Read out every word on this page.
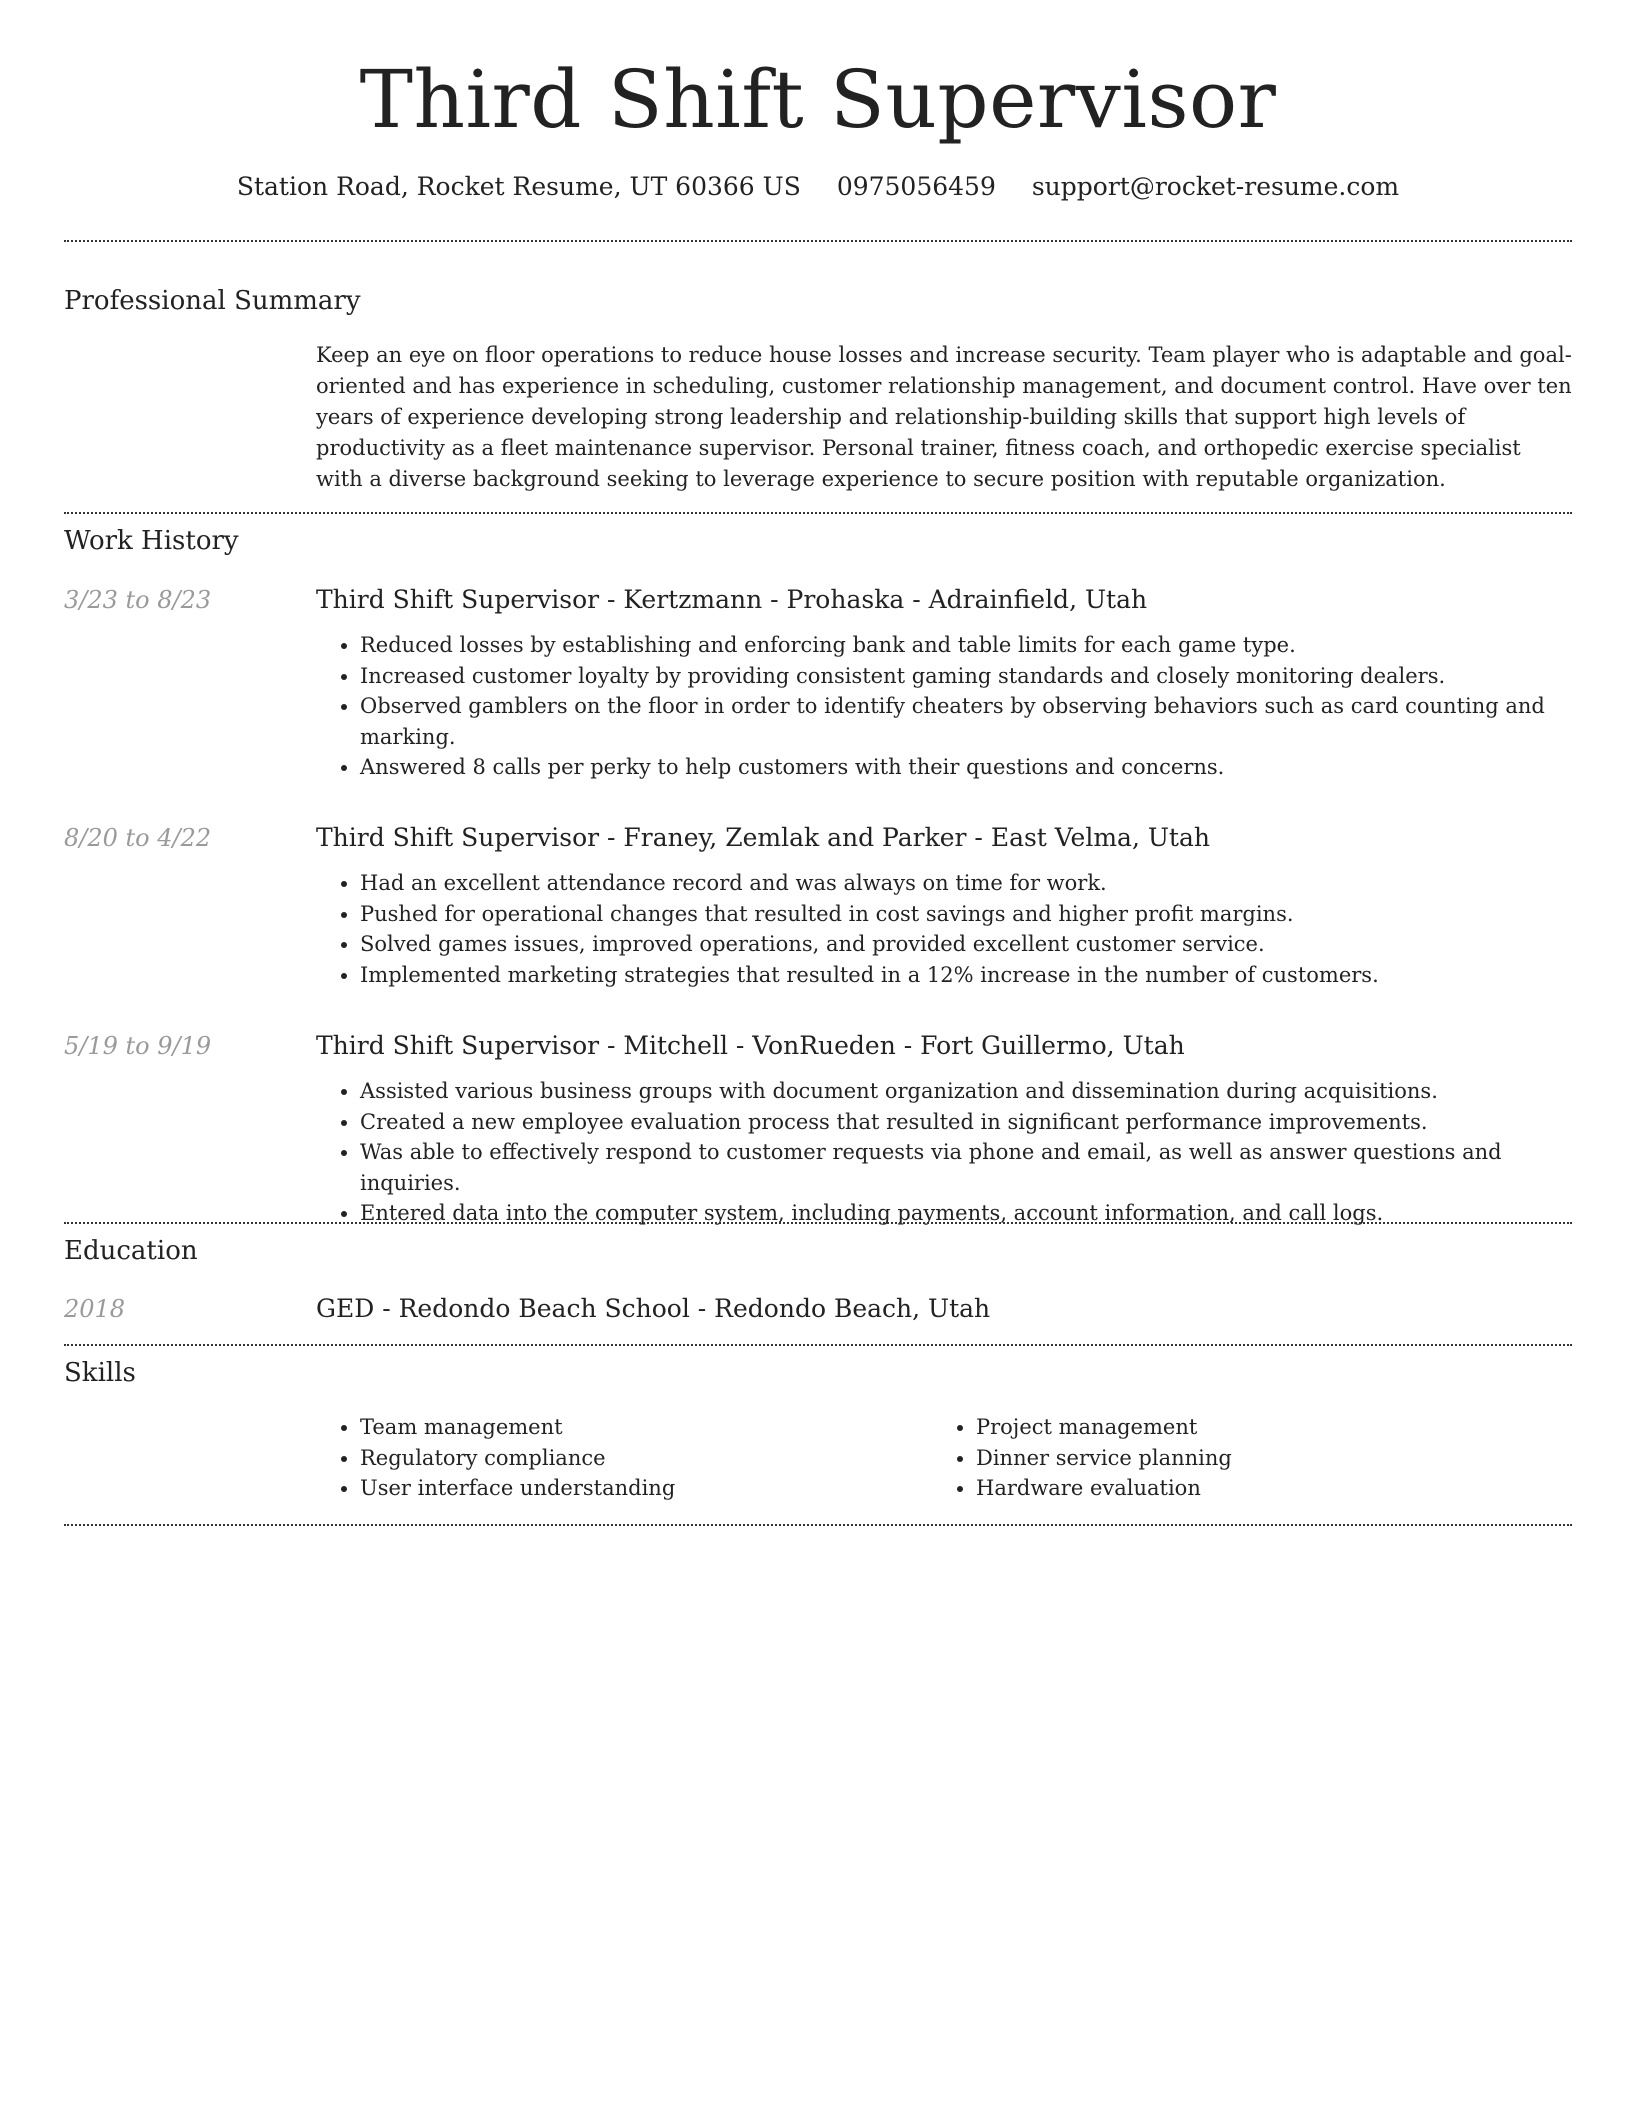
Third Shift Supervisor
Station Road, Rocket Resume, UT 60366 US 0975056459 support@rocket-resume.com
Professional Summary

Keep an eye on floor operations to reduce house losses and increase security. Team player who is adaptable and goal-oriented and has experience in scheduling, customer relationship management, and document control. Have over ten years of experience developing strong leadership and relationship-building skills that support high levels of productivity as a fleet maintenance supervisor. Personal trainer, fitness coach, and orthopedic exercise specialist with a diverse background seeking to leverage experience to secure position with reputable organization.

Work History
3/23 to 8/23	Third Shift Supervisor - Kertzmann - Prohaska - Adrainfield, Utah

• Reduced losses by establishing and enforcing bank and table limits for each game type.
• Increased customer loyalty by providing consistent gaming standards and closely monitoring dealers.
• Observed gamblers on the floor in order to identify cheaters by observing behaviors such as card counting and marking.
• Answered 8 calls per perky to help customers with their questions and concerns.
8/20 to 4/22	Third Shift Supervisor - Franey, Zemlak and Parker - East Velma, Utah

• Had an excellent attendance record and was always on time for work.
• Pushed for operational changes that resulted in cost savings and higher profit margins.
• Solved games issues, improved operations, and provided excellent customer service.
• Implemented marketing strategies that resulted in a 12% increase in the number of customers.
5/19 to 9/19	Third Shift Supervisor - Mitchell - VonRueden - Fort Guillermo, Utah

• Assisted various business groups with document organization and dissemination during acquisitions.
• Created a new employee evaluation process that resulted in significant performance improvements.
• Was able to effectively respond to customer requests via phone and email, as well as answer questions and inquiries.
• Entered data into the computer system, including payments, account information, and call logs.
Education
2018	GED - Redondo Beach School - Redondo Beach, Utah

Skills
• Team management
• Regulatory compliance
• User interface understanding
• Project management
• Dinner service planning
• Hardware evaluation
